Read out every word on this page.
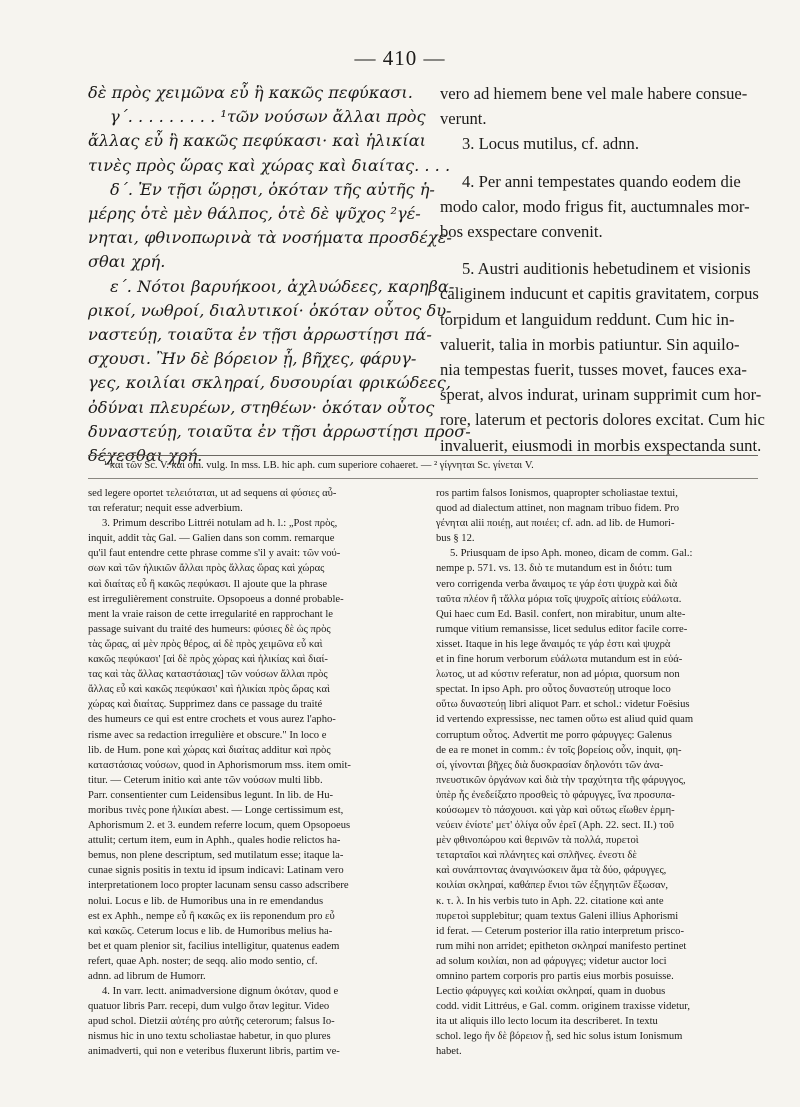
— 410 —
δὲ πρὸς χειμῶνα εὖ ἢ κακῶς πεφύκασι.
γ΄. . . . . . . . . ¹τῶν νούσων ἄλλαι πρὸς
ἄλλας εὖ ἢ κακῶς πεφύκασι· καὶ ἡλικίαι
τινὲς πρὸς ὥρας καὶ χώρας καὶ διαίτας. . . .
δ΄. Ἐν τῇσι ὥρῃσι, ὁκόταν τῆς αὐτῆς ἡ-
μέρης ὁτὲ μὲν θάλπος, ὁτὲ δὲ ψῦχος ²γέ-
νηται, φθινοπωρινὰ τὰ νοσήματα προσδέχε-
σθαι χρή.
ε΄. Νότοι βαρυήκοοι, ἀχλυώδεες, καρηβα-
ρικοί, νωθροί, διαλυτικοί· ὁκόταν οὗτος δυ-
ναστεύῃ, τοιαῦτα ἐν τῇσι ἀρρωστίῃσι πά-
σχουσι. Ἢν δὲ βόρειον ᾖ, βῆχες, φάρυγ-
γες, κοιλίαι σκληραί, δυσουρίαι φρικώδεες,
ὀδύναι πλευρέων, στηθέων· ὁκόταν οὗτος
δυναστεύῃ, τοιαῦτα ἐν τῇσι ἀρρωστίῃσι προσ-
δέχεσθαι χρή.
vero ad hiemem bene vel male habere consue-
verunt.
3. Locus mutilus, cf. adnn.
4. Per anni tempestates quando eodem die
modo calor, modo frigus fit, auctumnales mor-
bos exspectare convenit.
5. Austri auditionis hebetudinem et visionis
caliginem inducunt et capitis gravitatem, corpus
torpidum et languidum reddunt. Cum hic in-
valuerit, talia in morbis patiuntur. Sin aquilo-
nia tempestas fuerit, tusses movet, fauces exa-
sperat, alvos indurat, urinam supprimit cum hor-
rore, laterum et pectoris dolores excitat. Cum hic
invaluerit, eiusmodi in morbis exspectanda sunt.
¹ καὶ τῶν Sc. V. καί om. vulg. In mss. LB. hic aph. cum superiore cohaeret. — ² γίγνηται Sc. γίνεται V.
sed legere oportet τελειόταται, ut ad sequens αἱ φύσιες αὖ-
ται referatur; nequit esse adverbium.
3. Primum describo Littréi notulam ad h. l.: „Post πρὸς,
inquit, addit τὰς Gal. — Galien dans son comm. remarque
qu'il faut entendre cette phrase comme s'il y avait: τῶν νού-
σων καὶ τῶν ἡλικιῶν ἄλλαι πρὸς ἄλλας ὥρας καὶ χώρας
καὶ διαίτας εὖ ἢ κακῶς πεφύκασι. Il ajoute que la phrase
est irregulièrement construite. Opsopoeus a donné probable-
ment la vraie raison de cette irregularité en rapprochant le
passage suivant du traité des humeurs: φύσιες δὲ ὡς πρὸς
τὰς ὥρας, αἱ μὲν πρὸς θέρος, αἱ δὲ πρὸς χειμῶνα εὖ καὶ
κακῶς πεφύκασι' [αἱ δὲ πρὸς χώρας καὶ ἡλικίας καὶ διαί-
τας καὶ τὰς ἄλλας καταστάσιας] τῶν νούσων ἄλλαι πρὸς
ἄλλας εὖ καὶ κακῶς πεφύκασι' καὶ ἡλικίαι πρὸς ὥρας καὶ
χώρας καὶ διαίτας. Supprimez dans ce passage du traité
des humeurs ce qui est entre crochets et vous aurez l'apho-
risme avec sa redaction irregulière et obscure." In loco e
lib. de Hum. pone καὶ χώρας καὶ διαίτας additur καὶ πρὸς
καταστάσιας νούσων, quod in Aphorismorum mss. item omit-
titur. — Ceterum initio καὶ ante τῶν νούσων multi libb.
Parr. consentienter cum Leidensibus legunt. In lib. de Hu-
moribus τινὲς pone ἡλικίαι abest. — Longe certissimum est,
Aphorismum 2. et 3. eundem referre locum, quem Opsopoeus
attulit; certum item, eum in Aphh., quales hodie relictos ha-
bemus, non plene descriptum, sed mutilatum esse; itaque la-
cunae signis positis in textu id ipsum indicavi: Latinam vero
interpretationem loco propter lacunam sensu casso adscribere
nolui. Locus e lib. de Humoribus una in re emendandus
est ex Aphh., nempe εὖ ἢ κακῶς ex iis reponendum pro εὖ
καὶ κακῶς. Ceterum locus e lib. de Humoribus melius ha-
bet et quam plenior sit, facilius intelligitur, quatenus eadem
refert, quae Aph. noster; de seqq. alio modo sentio, cf.
adnn. ad librum de Humorr.
4. In varr. lectt. animadversione dignum ὁκόταν, quod e
quatuor libris Parr. recepi, dum vulgo ὅταν legitur. Video
apud schol. Dietzii αὐτέης pro αὐτῆς ceterorum; falsus Io-
nismus hic in uno textu scholiastae habetur, in quo plures
animadverti, qui non e veteribus fluxerunt libris, partim ve-
ros partim falsos Ionismos, quapropter scholiastae textui,
quod ad dialectum attinet, non magnam tribuo fidem. Pro
γένηται alii ποιέῃ, aut ποιέει; cf. adn. ad lib. de Humori-
bus § 12.
5. Priusquam de ipso Aph. moneo, dicam de comm. Gal.:
nempe p. 571. vs. 13. διὸ τε mutandum est in διότι: tum
vero corrigenda verba ἄναιμος τε γάρ ἐστι ψυχρὰ καὶ διὰ
ταῦτα πλέον ἢ τἄλλα μόρια τοῖς ψυχροῖς αἰτίοις εὐάλωτα.
Qui haec cum Ed. Basil. confert, non mirabitur, unum alte-
rumque vitium remansisse, licet sedulus editor facile corre-
xisset. Itaque in his lege ἄναιμός τε γάρ ἐστι καὶ ψυχρὰ
et in fine horum verborum εὐάλωτα mutandum est in εὐά-
λωτος, ut ad κύστιν referatur, non ad μόρια, quorsum non
spectat. In ipso Aph. pro οὗτος δυναστεύῃ utroque loco
οὕτω δυναστεύῃ libri aliquot Parr. et schol.: videtur Foësius
id vertendo expressisse, nec tamen οὕτω est aliud quid quam
corruptum οὗτος. Advertit me porro φάρυγγες: Galenus
de ea re monet in comm.: ἐν τοῖς βορείοις οὖν, inquit, φη-
σί, γίνονται βῆχες διὰ δυσκρασίαν δηλονότι τῶν ἀνα-
πνευστικῶν ὀργάνων καὶ διὰ τὴν τραχύτητα τῆς φάρυγγος,
ὑπὲρ ἧς ἐνεδείξατο προσθεὶς τὸ φάρυγγες, ἵνα προσυπα-
κούσωμεν τὸ πάσχουσι. καὶ γὰρ καὶ οὕτως εἴωθεν ἑρμη-
νεύειν ἐνίοτε' μετ' ὀλίγα οὖν ἐρεῖ (Aph. 22. sect. II.) τοῦ
μὲν φθινοπώρου καὶ θερινῶν τὰ πολλά, πυρετοὶ
τεταρταῖοι καὶ πλάνητες καὶ σπλῆνες. ἐνεστι δὲ
καὶ συνάπτοντας ἀναγινώσκειν ἅμα τὰ δύο, φάρυγγες,
κοιλίαι σκληραί, καθάπερ ἔνιοι τῶν ἐξηγητῶν ἔξωσαν,
κ. τ. λ. In his verbis tuto in Aph. 22. citatione καὶ ante
πυρετοὶ supplebitur; quam textus Galeni illius Aphorismi
id ferat. — Ceterum posterior illa ratio interpretum prisco-
rum mihi non arridet; epitheton σκληραί manifesto pertinet
ad solum κοιλίαι, non ad φάρυγγες; videtur auctor loci
omnino partem corporis pro partis eius morbis posuisse.
Lectio φάρυγγες καὶ κοιλίαι σκληραί, quam in duobus
codd. vidit Littréus, e Gal. comm. originem traxisse videtur,
ita ut aliquis illo lecto locum ita describeret. In textu
schol. lego ἢν δὲ βόρειον ᾖ, sed hic solus istum Ionismum
habet.
